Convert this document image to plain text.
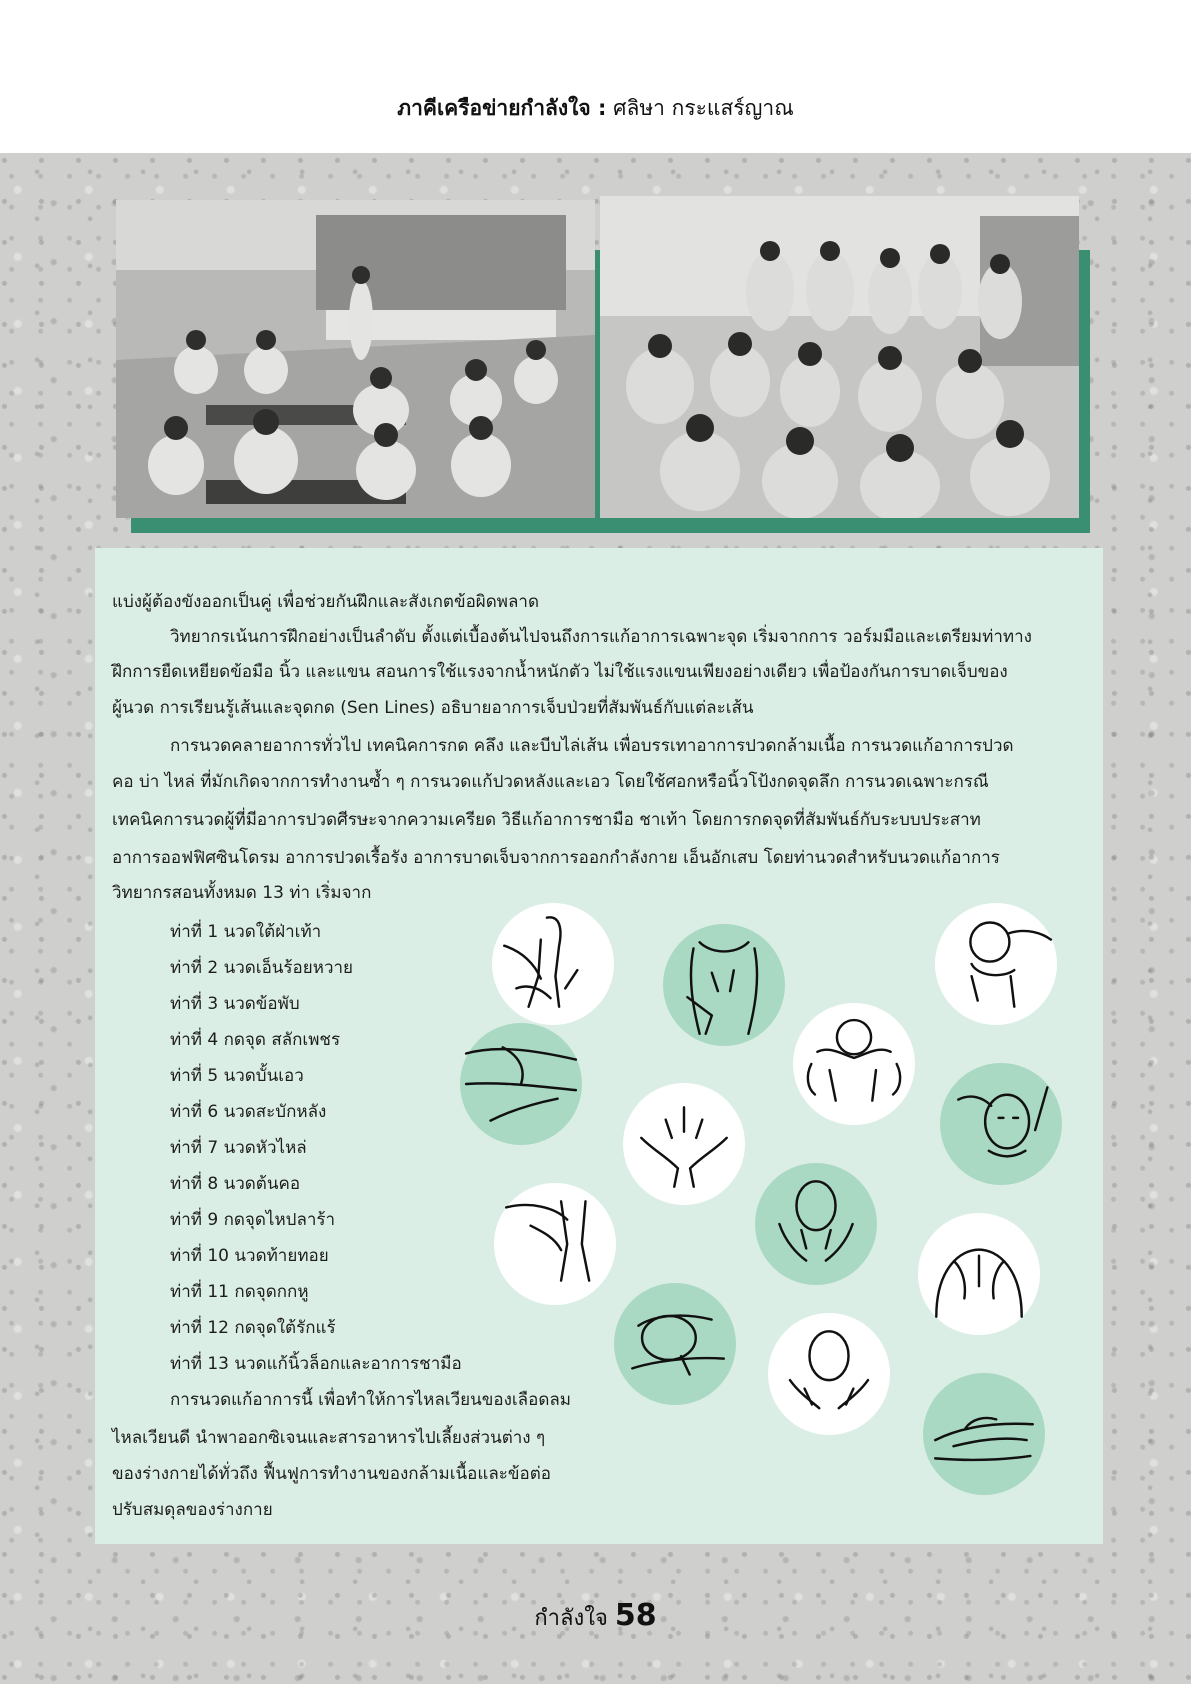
ภาคีเครือข่ายกำลังใจ : ศลิษา กระแสร์ญาณ
แบ่งผู้ต้องขังออกเป็นคู่ เพื่อช่วยกันฝึกและสังเกตข้อผิดพลาด
วิทยากรเน้นการฝึกอย่างเป็นลำดับ ตั้งแต่เบื้องต้นไปจนถึงการแก้อาการเฉพาะจุด เริ่มจากการ วอร์มมือและเตรียมท่าทาง
ฝึกการยืดเหยียดข้อมือ นิ้ว และแขน สอนการใช้แรงจากน้ำหนักตัว ไม่ใช้แรงแขนเพียงอย่างเดียว เพื่อป้องกันการบาดเจ็บของ
ผู้นวด การเรียนรู้เส้นและจุดกด (Sen Lines) อธิบายอาการเจ็บป่วยที่สัมพันธ์กับแต่ละเส้น
การนวดคลายอาการทั่วไป เทคนิคการกด คลึง และบีบไล่เส้น เพื่อบรรเทาอาการปวดกล้ามเนื้อ การนวดแก้อาการปวด
คอ บ่า ไหล่ ที่มักเกิดจากการทำงานซ้ำ ๆ การนวดแก้ปวดหลังและเอว โดยใช้ศอกหรือนิ้วโป้งกดจุดลึก การนวดเฉพาะกรณี
เทคนิคการนวดผู้ที่มีอาการปวดศีรษะจากความเครียด วิธีแก้อาการชามือ ชาเท้า โดยการกดจุดที่สัมพันธ์กับระบบประสาท
อาการออฟฟิศซินโดรม อาการปวดเรื้อรัง อาการบาดเจ็บจากการออกกำลังกาย เอ็นอักเสบ โดยท่านวดสำหรับนวดแก้อาการ
วิทยากรสอนทั้งหมด 13 ท่า เริ่มจาก
ท่าที่ 1 นวดใต้ฝ่าเท้า
ท่าที่ 2 นวดเอ็นร้อยหวาย
ท่าที่ 3 นวดข้อพับ
ท่าที่ 4 กดจุด สลักเพชร
ท่าที่ 5 นวดบั้นเอว
ท่าที่ 6 นวดสะบักหลัง
ท่าที่ 7 นวดหัวไหล่
ท่าที่ 8 นวดต้นคอ
ท่าที่ 9 กดจุดไหปลาร้า
ท่าที่ 10 นวดท้ายทอย
ท่าที่ 11 กดจุดกกหู
ท่าที่ 12 กดจุดใต้รักแร้
ท่าที่ 13 นวดแก้นิ้วล็อกและอาการชามือ
การนวดแก้อาการนี้ เพื่อทำให้การไหลเวียนของเลือดลม
ไหลเวียนดี นำพาออกซิเจนและสารอาหารไปเลี้ยงส่วนต่าง ๆ
ของร่างกายได้ทั่วถึง ฟื้นฟูการทำงานของกล้ามเนื้อและข้อต่อ
ปรับสมดุลของร่างกาย
กำลังใจ 58
